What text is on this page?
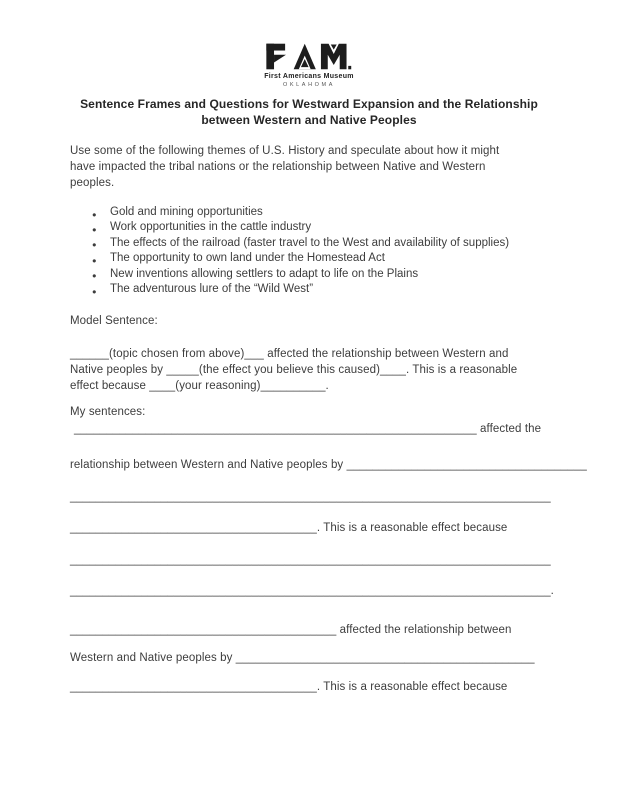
First Americans Museum
OKLAHOMA
Sentence Frames and Questions for Westward Expansion and the Relationship
between Western and Native Peoples
Use some of the following themes of U.S. History and speculate about how it might
have impacted the tribal nations or the relationship between Native and Western
peoples.
● Gold and mining opportunities
● Work opportunities in the cattle industry
● The effects of the railroad (faster travel to the West and availability of supplies)
● The opportunity to own land under the Homestead Act
● New inventions allowing settlers to adapt to life on the Plains
● The adventurous lure of the “Wild West”
Model Sentence:
______(topic chosen from above)___ affected the relationship between Western and
Native peoples by _____(the effect you believe this caused)____. This is a reasonable
effect because ____(your reasoning)__________.
My sentences:
______________________________________________________________ affected the
relationship between Western and Native peoples by _____________________________________
__________________________________________________________________________
______________________________________. This is a reasonable effect because
__________________________________________________________________________
__________________________________________________________________________.
_________________________________________ affected the relationship between
Western and Native peoples by ______________________________________________
______________________________________. This is a reasonable effect because
